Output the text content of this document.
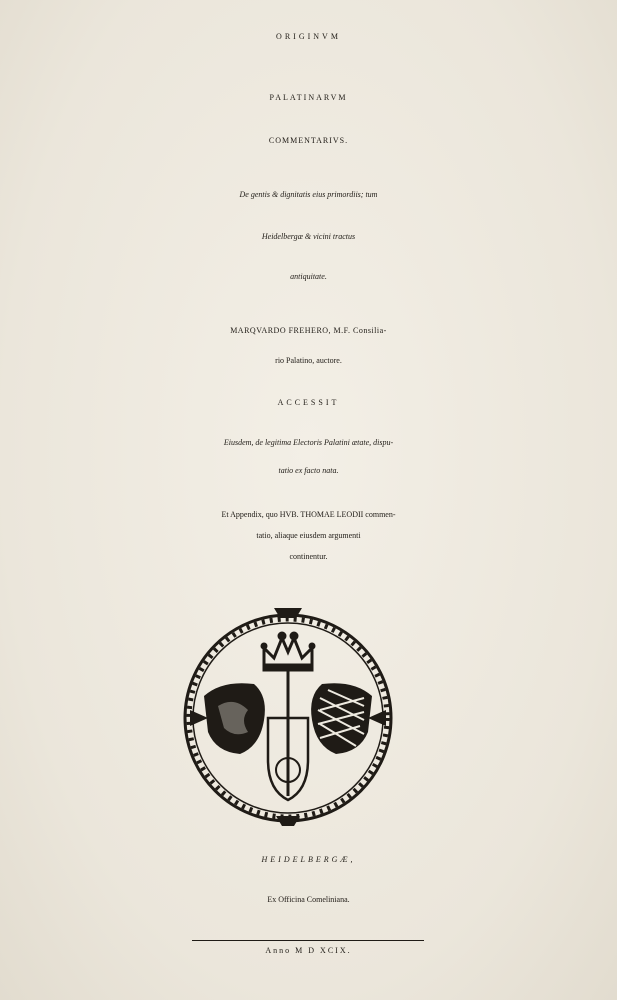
ORIGINVM
PALATINARVM
COMMENTARIVS.
De gentis & dignitatis eius primordiis; tum
Heidelbergæ & vicini tractus
antiquitate.
MARQVARDO FREHERO, M.F. Consilia-
rio Palatino, auctore.
ACCESSIT
Eiusdem, de legitima Electoris Palatini ætate, dispu-
tatio ex facto nata.
Et Appendix, quo HVB. THOMAE LEODII commen-
tatio, aliaque eiusdem argumenti
continentur.
HEIDELBERGÆ,
Ex Officina Comeliniana.
Anno M D XCIX.
